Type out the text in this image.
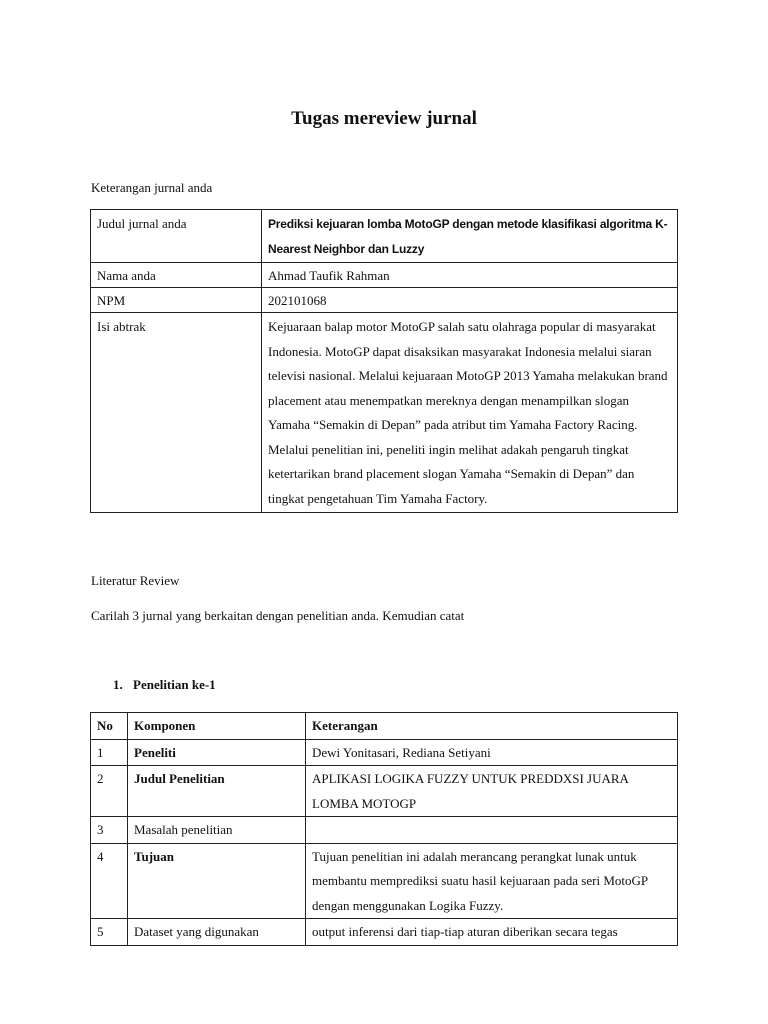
Tugas mereview jurnal
Keterangan jurnal anda
Judul jurnal anda	Prediksi kejuaran lomba MotoGP dengan metode klasifikasi algoritma K-Nearest Neighbor dan Luzzy
Nama anda	Ahmad Taufik Rahman
NPM	202101068
Isi abtrak	Kejuaraan balap motor MotoGP salah satu olahraga popular di masyarakat Indonesia. MotoGP dapat disaksikan masyarakat Indonesia melalui siaran televisi nasional. Melalui kejuaraan MotoGP 2013 Yamaha melakukan brand placement atau menempatkan mereknya dengan menampilkan slogan Yamaha “Semakin di Depan” pada atribut tim Yamaha Factory Racing. Melalui penelitian ini, peneliti ingin melihat adakah pengaruh tingkat ketertarikan brand placement slogan Yamaha “Semakin di Depan” dan tingkat pengetahuan Tim Yamaha Factory.
Literatur Review
Carilah 3 jurnal yang berkaitan dengan penelitian anda. Kemudian catat
1. Penelitian ke-1
No	Komponen	Keterangan
1	Peneliti	Dewi Yonitasari, Rediana Setiyani
2	Judul Penelitian	APLIKASI LOGIKA FUZZY UNTUK PREDDXSI JUARA LOMBA MOTOGP
3	Masalah penelitian	
4	Tujuan	Tujuan penelitian ini adalah merancang perangkat lunak untuk membantu memprediksi suatu hasil kejuaraan pada seri MotoGP dengan menggunakan Logika Fuzzy.
5	Dataset yang digunakan	output inferensi dari tiap-tiap aturan diberikan secara tegas
